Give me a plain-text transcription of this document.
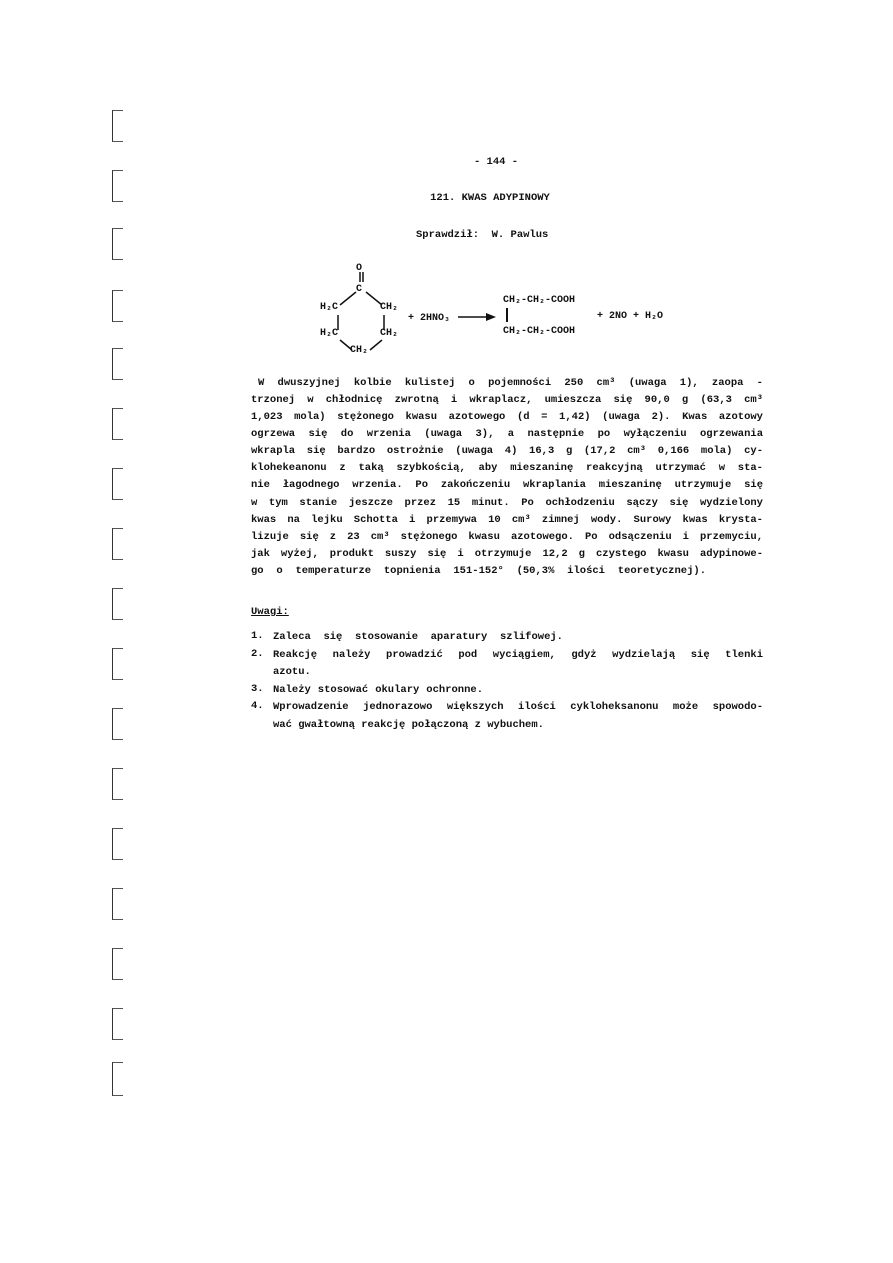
- 144 -
121. KWAS ADYPINOWY
Sprawdził: W. Pawlus
O
C
H₂C	CH₂
H₂C	CH₂
CH₂
+ 2HNO₃ →
CH₂-CH₂-COOH
CH₂-CH₂-COOH
+ 2NO + H₂O
W dwuszyjnej kolbie kulistej o pojemności 250 cm³ (uwaga 1), zaopa -
trzonej w chłodnicę zwrotną i wkraplacz, umieszcza się 90,0 g (63,3 cm³
1,023 mola) stężonego kwasu azotowego (d = 1,42) (uwaga 2). Kwas azotowy
ogrzewa się do wrzenia (uwaga 3), a następnie po wyłączeniu ogrzewania
wkrapla się bardzo ostrożnie (uwaga 4) 16,3 g (17,2 cm³ 0,166 mola) cy-
klohekeanonu z taką szybkością, aby mieszaninę reakcyjną utrzymać w sta-
nie łagodnego wrzenia. Po zakończeniu wkraplania mieszaninę utrzymuje się
w tym stanie jeszcze przez 15 minut. Po ochłodzeniu sączy się wydzielony
kwas na lejku Schotta i przemywa 10 cm³ zimnej wody. Surowy kwas krysta-
lizuje się z 23 cm³ stężonego kwasu azotowego. Po odsączeniu i przemyciu,
jak wyżej, produkt suszy się i otrzymuje 12,2 g czystego kwasu adypinowe-
go o temperaturze topnienia 151-152° (50,3% ilości teoretycznej).
Uwagi:
1. Zaleca się stosowanie aparatury szlifowej.
2. Reakcję należy prowadzić pod wyciągiem, gdyż wydzielają się tlenki
azotu.
3. Należy stosować okulary ochronne.
4. Wprowadzenie jednorazowo większych ilości cykloheksanonu może spowodo-
wać gwałtowną reakcję połączoną z wybuchem.
